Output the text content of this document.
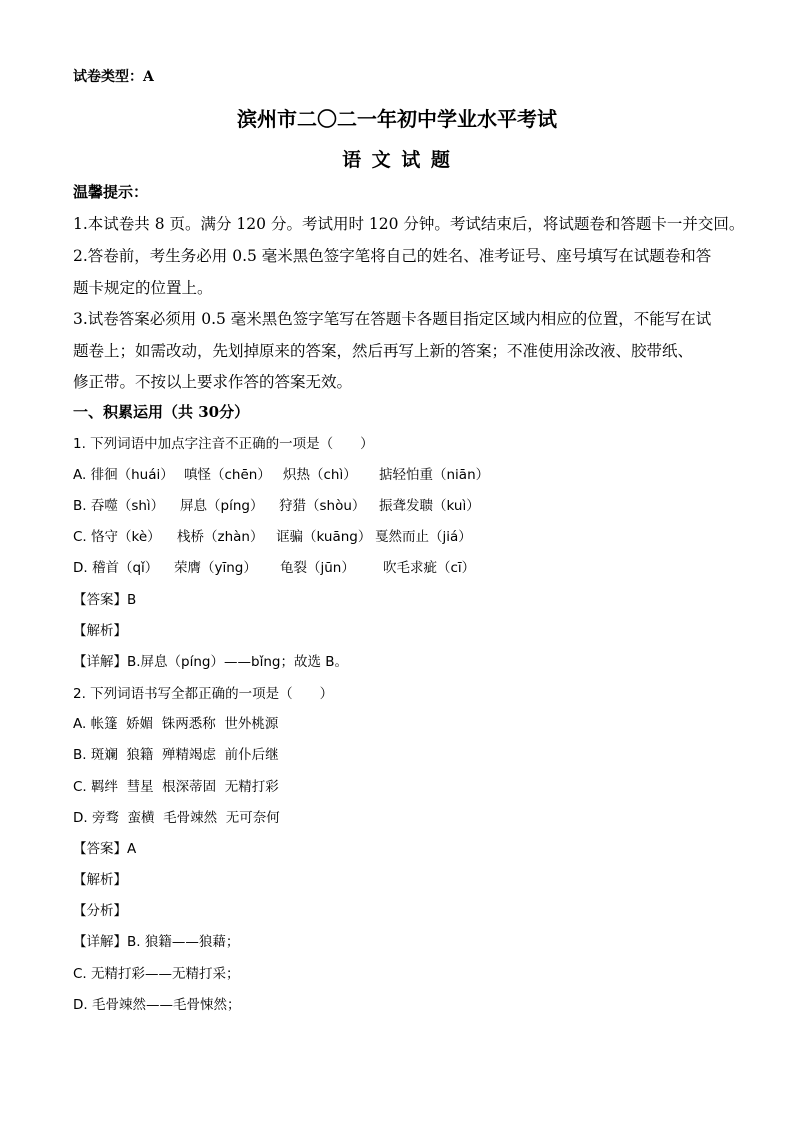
试卷类型：A
滨州市二〇二一年初中学业水平考试
语 文 试 题
温馨提示：
1.本试卷共 8 页。满分 120 分。考试用时 120 分钟。考试结束后，将试题卷和答题卡一并交回。
2.答卷前，考生务必用 0.5 毫米黑色签字笔将自己的姓名、准考证号、座号填写在试题卷和答
题卡规定的位置上。
3.试卷答案必须用 0.5 毫米黑色签字笔写在答题卡各题目指定区域内相应的位置，不能写在试
题卷上；如需改动，先划掉原来的答案，然后再写上新的答案；不准使用涂改液、胶带纸、
修正带。不按以上要求作答的答案无效。
一、积累运用（共 30分）
1. 下列词语中加点字注音不正确的一项是（　　）
A. 徘徊（huái） 嗔怪（chēn） 炽热（chì） 掂轻怕重（niān）
B. 吞噬（shì） 屏息（píng） 狩猎（shòu） 振聋发聩（kuì）
C. 恪守（kè） 栈桥（zhàn） 诓骗（kuāng） 戛然而止（jiá）
D. 稽首（qǐ） 荣膺（yīng） 龟裂（jūn） 吹毛求疵（cī）
【答案】B
【解析】
【详解】B.屏息（píng）——bǐng；故选 B。
2. 下列词语书写全都正确的一项是（　　）
A. 帐篷  娇媚  铢两悉称  世外桃源
B. 斑斓  狼籍  殚精竭虑  前仆后继
C. 羁绊  彗星  根深蒂固  无精打彩
D. 旁骛  蛮横  毛骨竦然  无可奈何
【答案】A
【解析】
【分析】
【详解】B. 狼籍——狼藉；
C. 无精打彩——无精打采；
D. 毛骨竦然——毛骨悚然；
